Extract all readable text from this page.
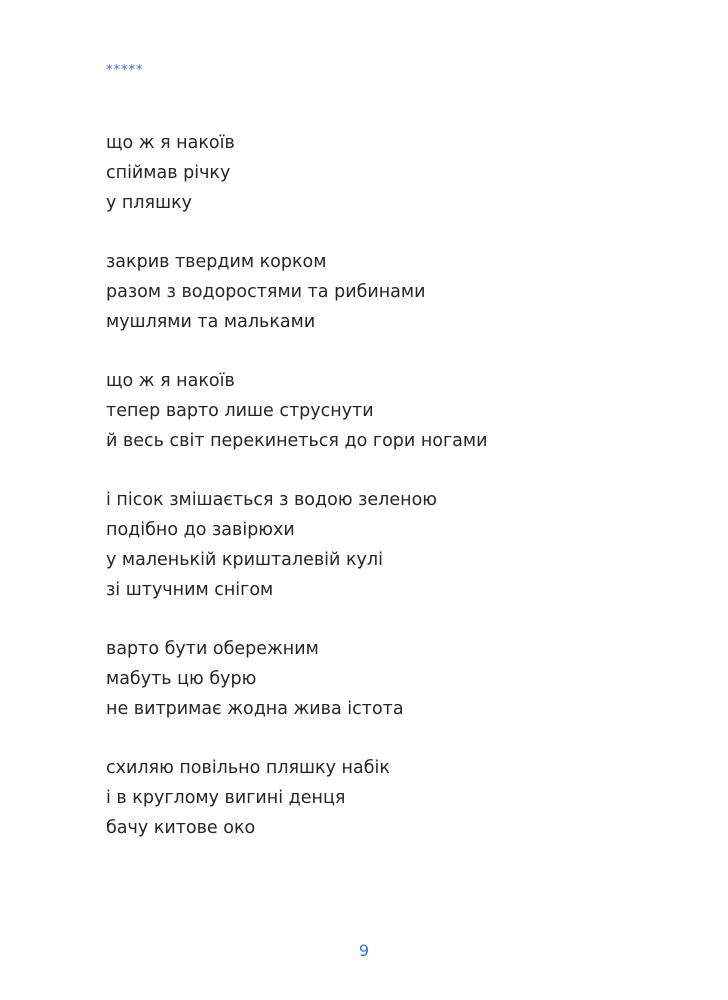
*****
що ж я накоїв
спіймав річку
у пляшку
закрив твердим корком
разом з водоростями та рибинами
мушлями та мальками
що ж я накоїв
тепер варто лише струснути
й весь світ перекинеться до гори ногами
і пісок змішається з водою зеленою
подібно до завірюхи
у маленькій кришталевій кулі
зі штучним снігом
варто бути обережним
мабуть цю бурю
не витримає жодна жива істота
схиляю повільно пляшку набік
і в круглому вигині денця
бачу китове око
9
